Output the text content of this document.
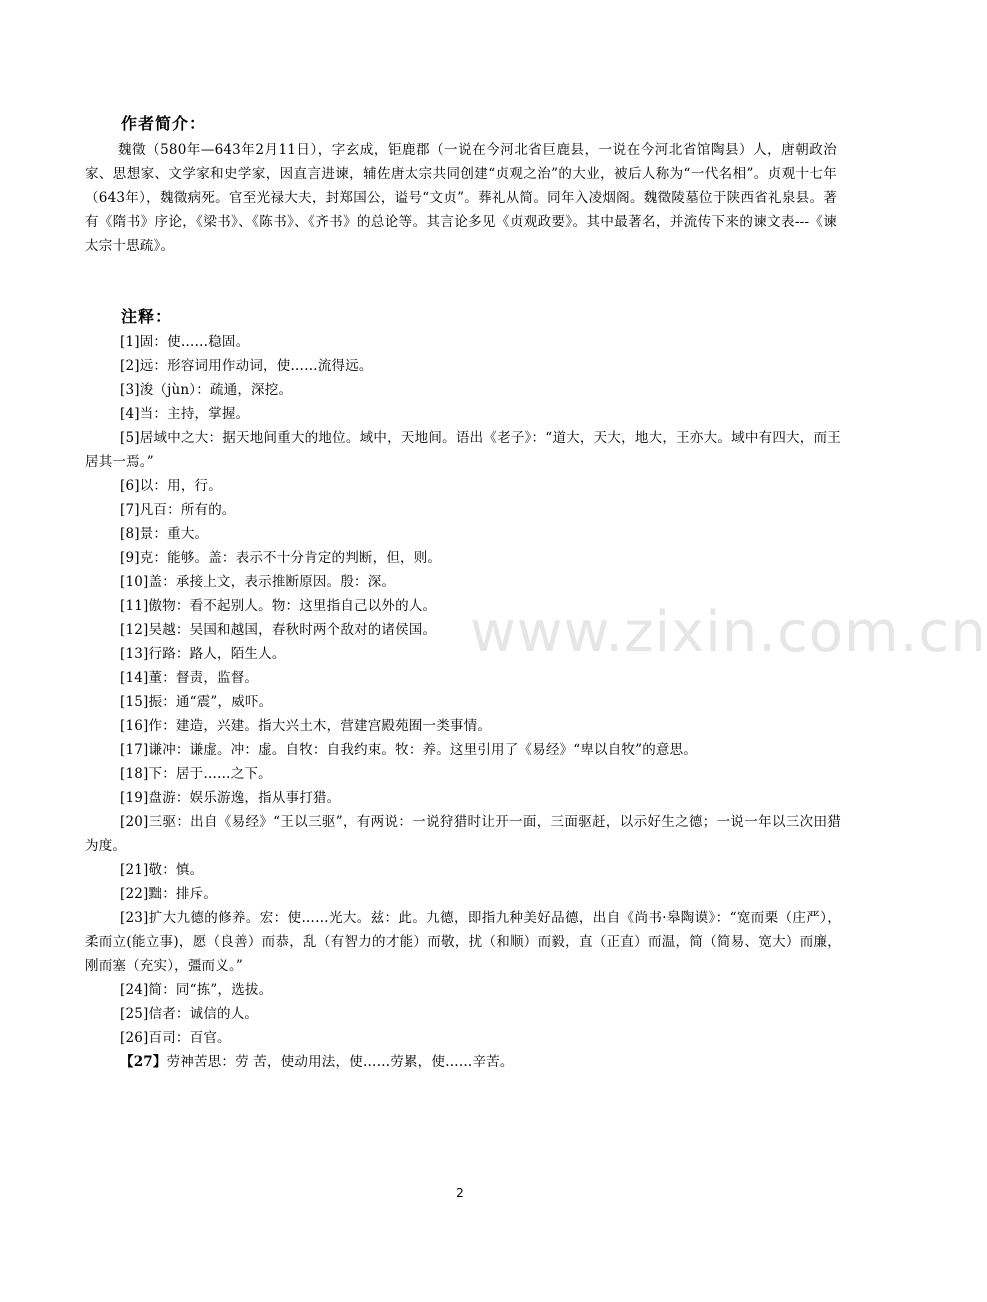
作者简介：
魏徵（580年—643年2月11日），字玄成，钜鹿郡（一说在今河北省巨鹿县，一说在今河北省馆陶县）人，唐朝政治家、思想家、文学家和史学家，因直言进谏，辅佐唐太宗共同创建“贞观之治”的大业，被后人称为“一代名相”。贞观十七年（643年），魏徵病死。官至光禄大夫，封郑国公，谥号“文贞”。葬礼从简。同年入凌烟阁。魏徵陵墓位于陕西省礼泉县。著有《隋书》序论，《梁书》、《陈书》、《齐书》的总论等。其言论多见《贞观政要》。其中最著名，并流传下来的谏文表---《谏太宗十思疏》。
www.zixin.com.cn
注释：
[1]固：使……稳固。
[2]远：形容词用作动词，使……流得远。
[3]浚（jùn）：疏通，深挖。
[4]当：主持，掌握。
[5]居域中之大：据天地间重大的地位。域中，天地间。语出《老子》：“道大，天大，地大，王亦大。域中有四大，而王居其一焉。”
[6]以：用，行。
[7]凡百：所有的。
[8]景：重大。
[9]克：能够。盖：表示不十分肯定的判断，但，则。
[10]盖：承接上文，表示推断原因。殷：深。
[11]傲物：看不起别人。物：这里指自己以外的人。
[12]吴越：吴国和越国，春秋时两个敌对的诸侯国。
[13]行路：路人，陌生人。
[14]董：督责，监督。
[15]振：通“震”，威吓。
[16]作：建造，兴建。指大兴土木，营建宫殿苑囿一类事情。
[17]谦冲：谦虚。冲：虚。自牧：自我约束。牧：养。这里引用了《易经》“卑以自牧”的意思。
[18]下：居于……之下。
[19]盘游：娱乐游逸，指从事打猎。
[20]三驱：出自《易经》“王以三驱”，有两说：一说狩猎时让开一面，三面驱赶，以示好生之德；一说一年以三次田猎为度。
[21]敬：慎。
[22]黜：排斥。
[23]扩大九德的修养。宏：使……光大。兹：此。九德，即指九种美好品德，出自《尚书·皋陶谟》：“宽而栗（庄严），柔而立(能立事)，愿（良善）而恭，乱（有智力的才能）而敬，扰（和顺）而毅，直（正直）而温，简（简易、宽大）而廉，刚而塞（充实），彊而义。”
[24]简：同“拣”，选拔。
[25]信者：诚信的人。
[26]百司：百官。
【27】劳神苦思：劳 苦，使动用法，使……劳累，使……辛苦。
2
